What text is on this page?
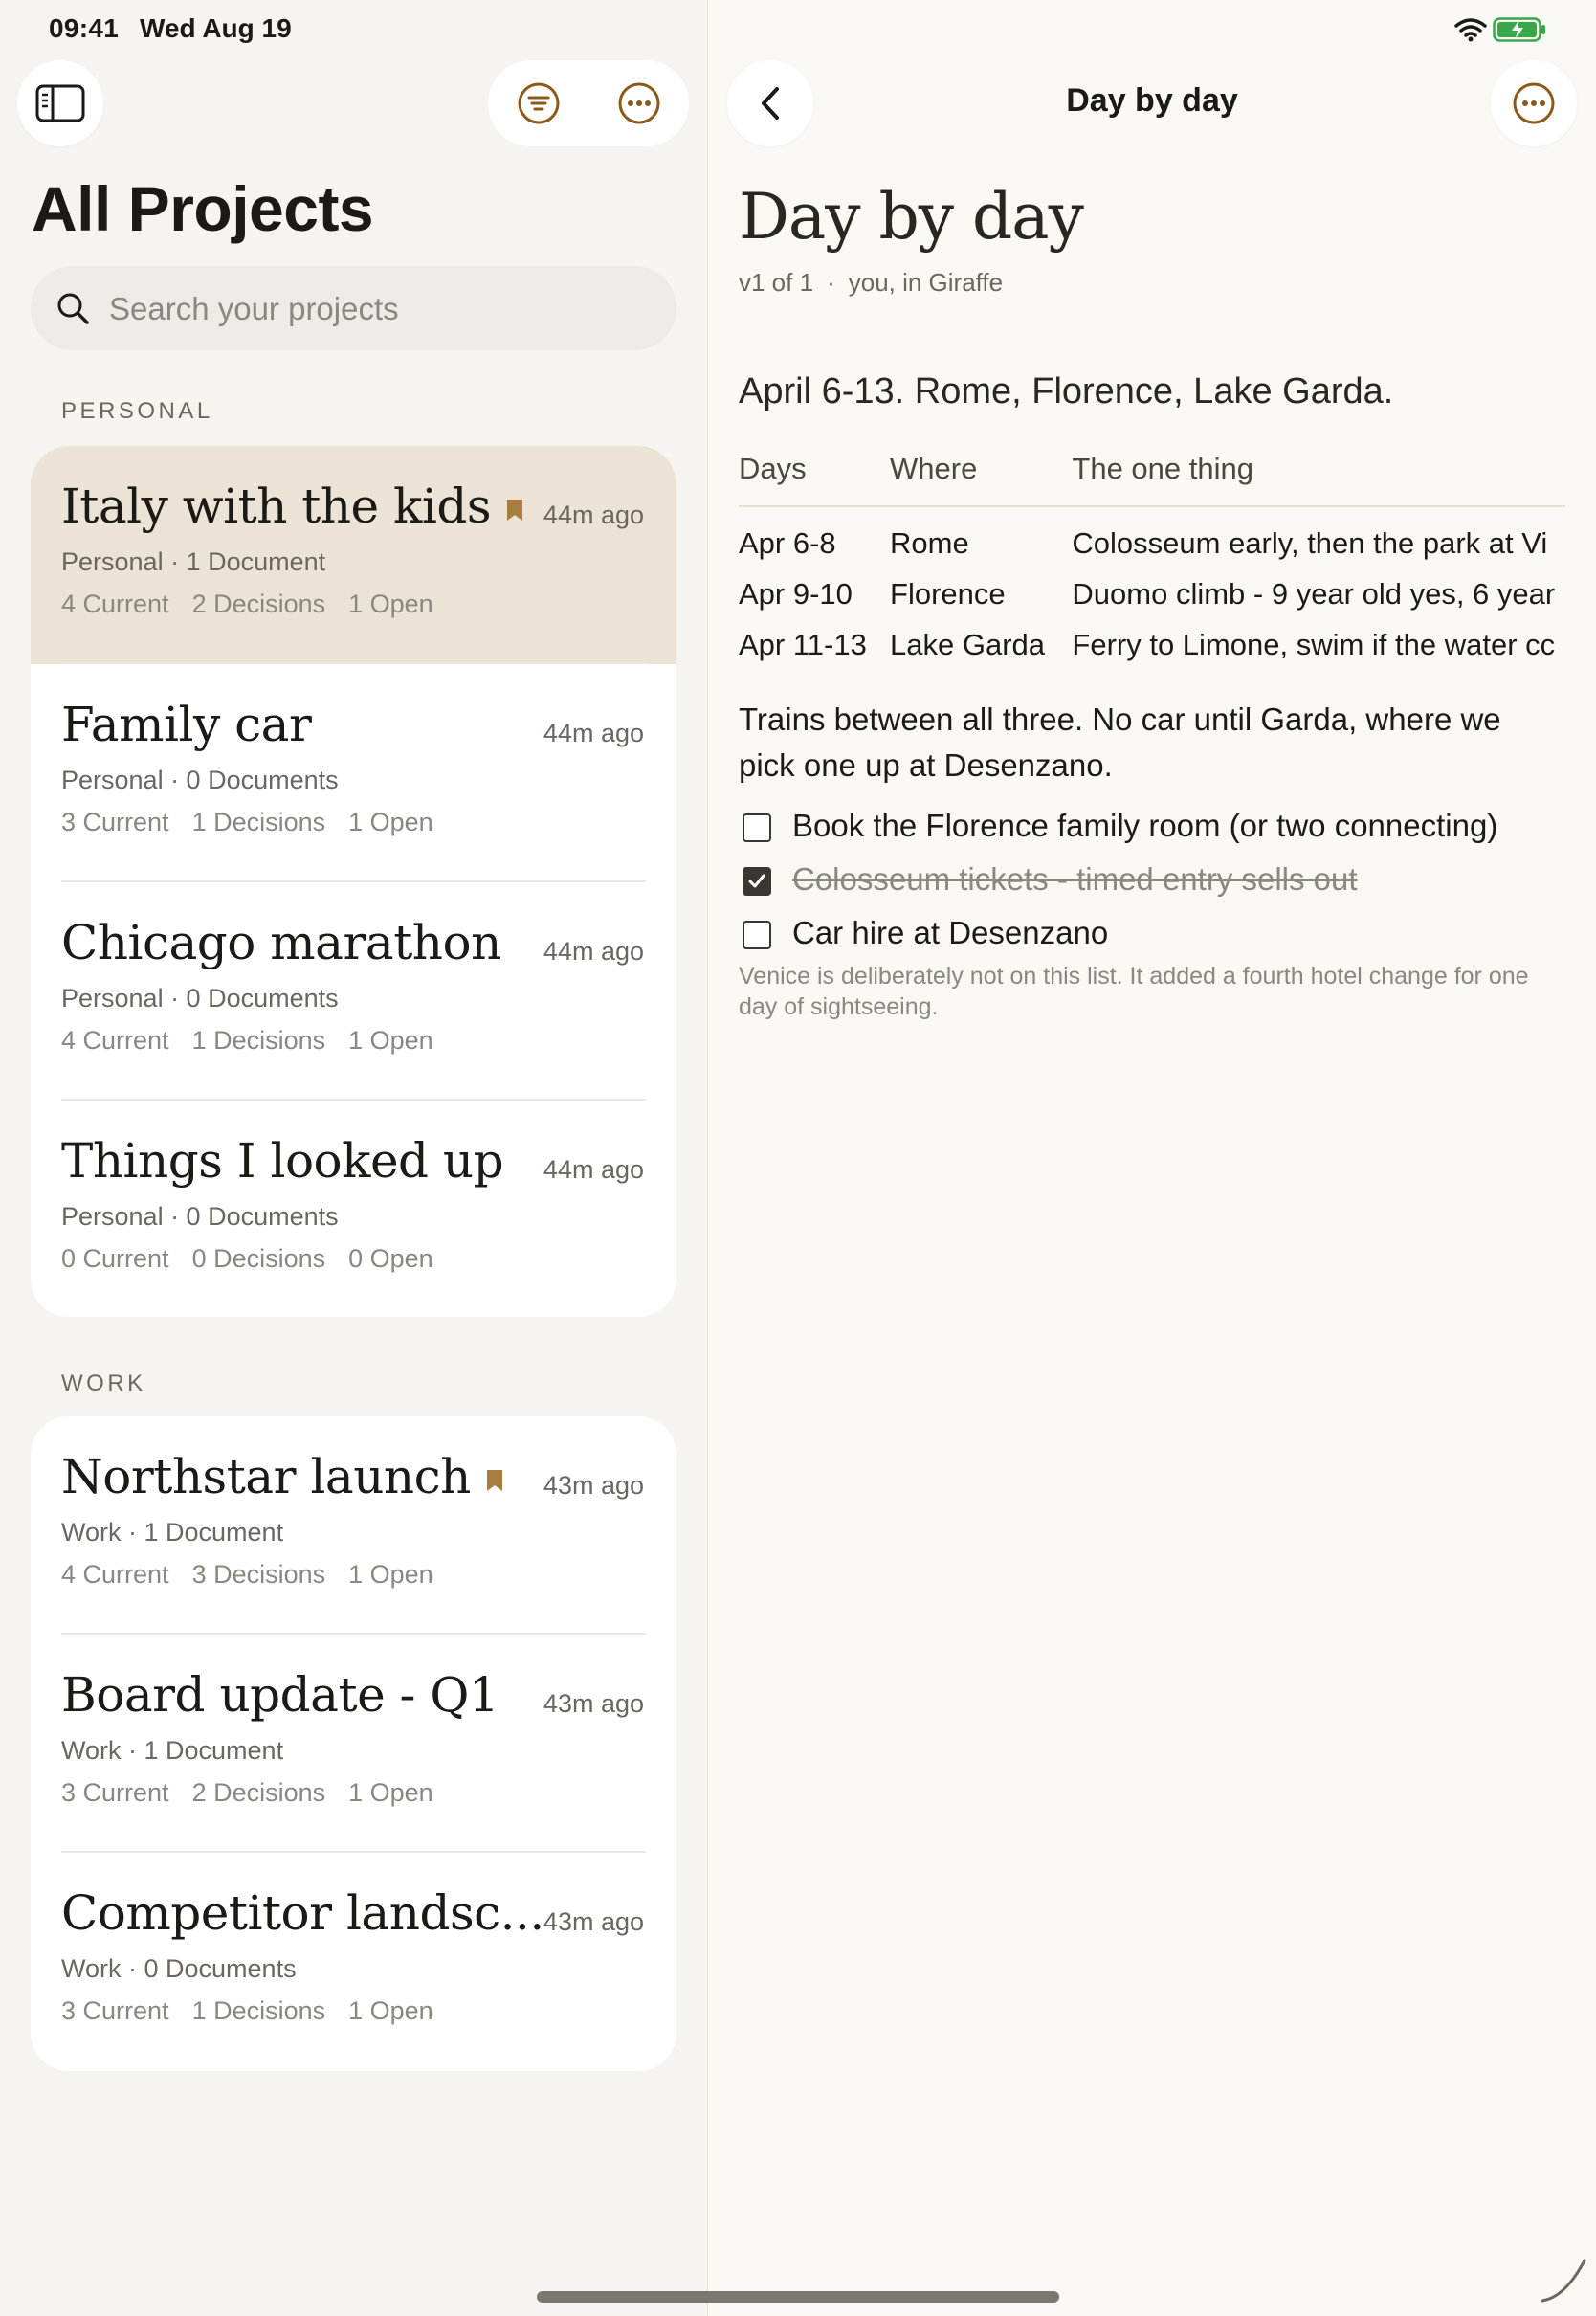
All Projects
Search your projects
PERSONAL
Italy with the kids	44m ago
Personal · 1 Document
4 Current 2 Decisions 1 Open
Family car	44m ago
Personal · 0 Documents
3 Current 1 Decisions 1 Open
Chicago marathon 44m ago
Personal · 0 Documents
4 Current 1 Decisions 1 Open
Things I looked up 44m ago
Personal · 0 Documents
0 Current 0 Decisions 0 Open
WORK
Northstar launch	43m ago
Work · 1 Document
4 Current 3 Decisions 1 Open
Board update - Q1 43m ago
Work · 1 Document
3 Current 2 Decisions 1 Open
Competitor landsc... 43m ago
Work · 0 Documents
3 Current 1 Decisions 1 Open
Day by day
Day by day
v1 of 1 · you, in Giraffe
April 6-13. Rome, Florence, Lake Garda.
Days	Where	The one thing
Apr 6-8	Rome	Colosseum early, then the park at Vi
Apr 9-10	Florence	Duomo climb - 9 year old yes, 6 year
Apr 11-13	Lake Garda	Ferry to Limone, swim if the water cc
Trains between all three. No car until Garda, where we pick one up at Desenzano.
Book the Florence family room (or two connecting)
Colosseum tickets - timed entry sells out
Car hire at Desenzano
Venice is deliberately not on this list. It added a fourth hotel change for one day of sightseeing.
09:41 Wed Aug 19
